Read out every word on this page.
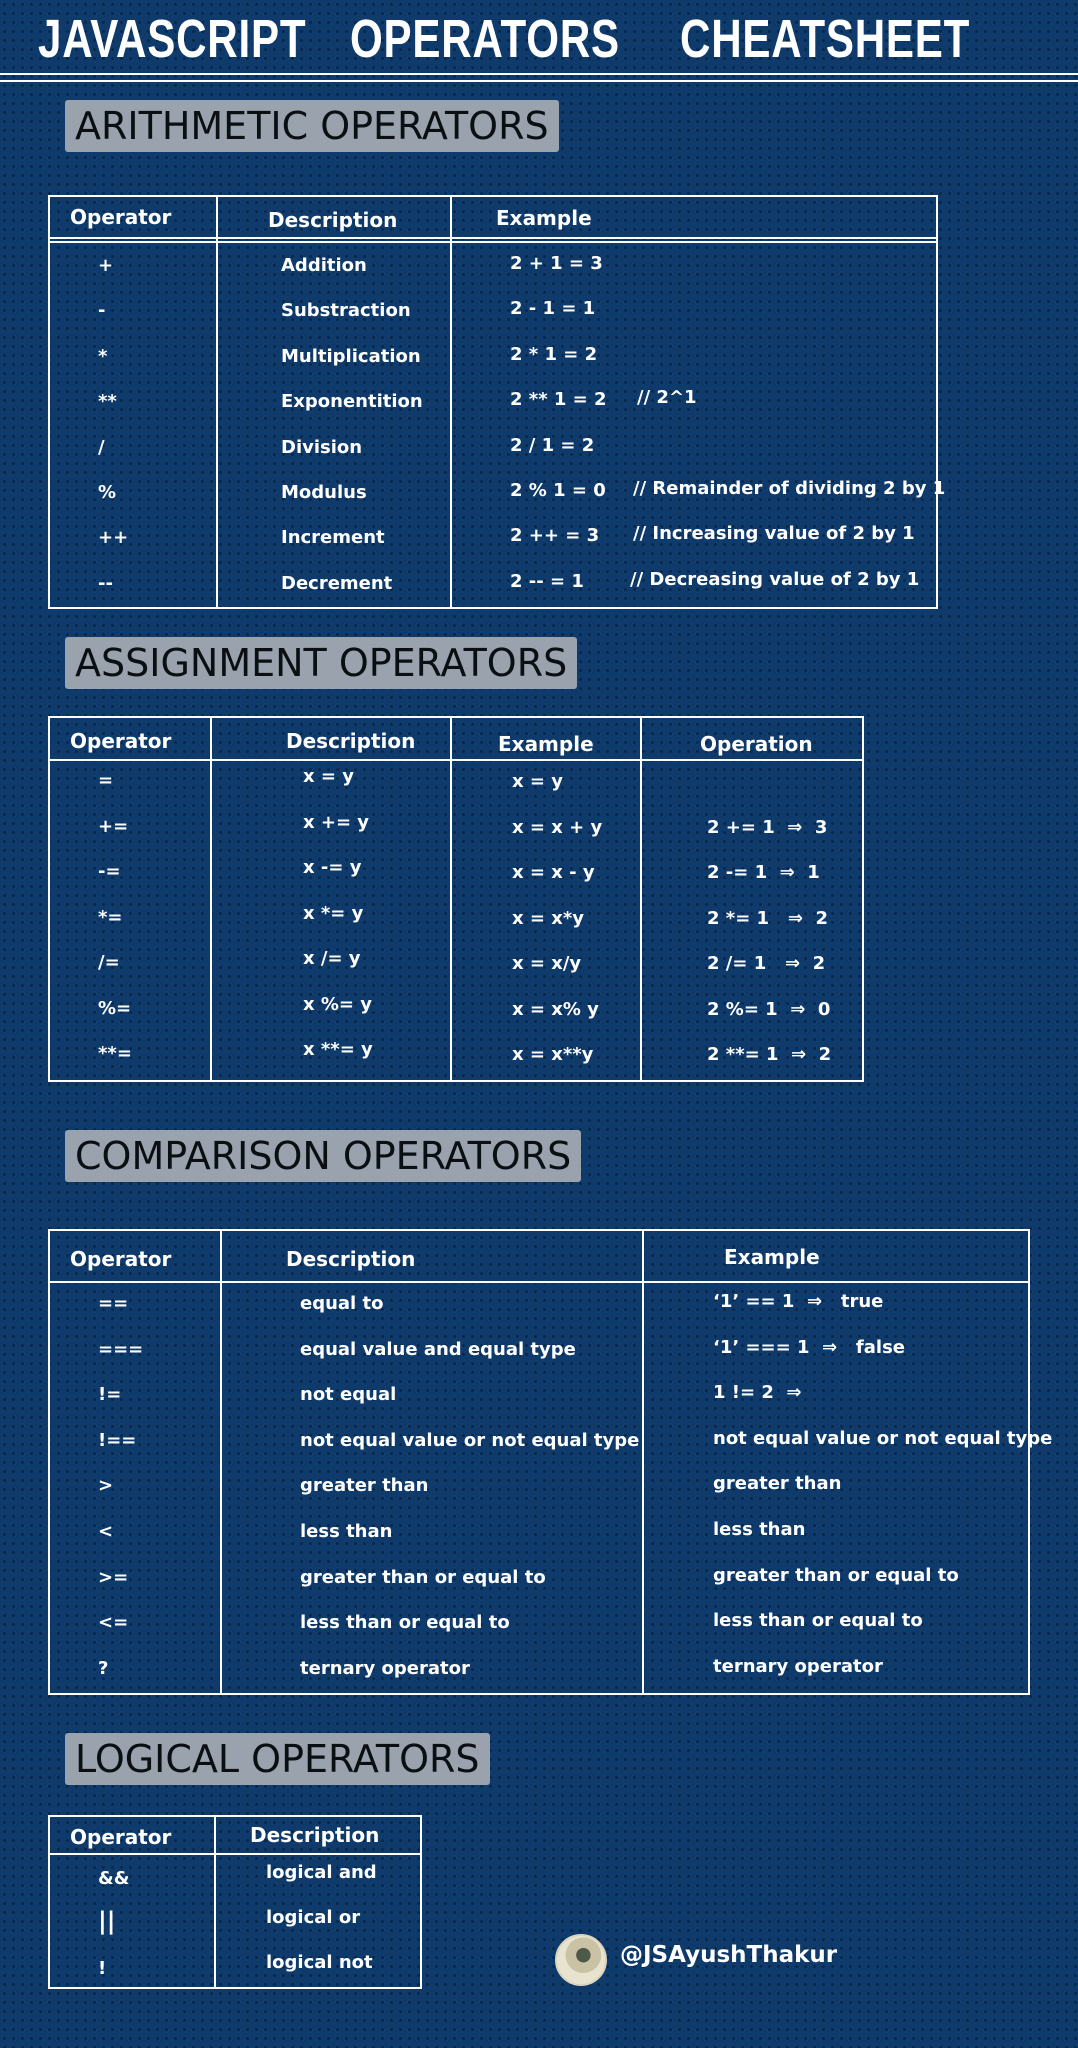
JAVASCRIPT OPERATORS CHEATSHEET
ARITHMETIC OPERATORS
Operator	Description	Example
+	Addition	2 + 1 = 3
-	Substraction	2 - 1 = 1
*	Multiplication	2 * 1 = 2
**	Exponentition	2 ** 1 = 2 // 2^1
/	Division	2 / 1 = 2
%	Modulus	2 % 1 = 0 // Remainder of dividing 2 by 1
++	Increment	2 ++ = 3 // Increasing value of 2 by 1
--	Decrement	2 -- = 1	// Decreasing value of 2 by 1
ASSIGNMENT OPERATORS
Operator	Description	Example	Operation
=	x = y	x = y
+=	x += y	x = x + y	2 += 1  ⇒  3
-=	x -= y	x = x - y	2 -= 1  ⇒  1
*=	x *= y	x = x*y	2 *= 1   ⇒  2
/=	x /= y	x = x/y	2 /= 1   ⇒  2
%=	x %= y	x = x% y	2 %= 1  ⇒  0
**=	x **= y	x = x**y	2 **= 1  ⇒  2
COMPARISON OPERATORS
Operator	Description	Example
==	equal to	‘1’ == 1  ⇒   true
===	equal value and equal type	‘1’ === 1  ⇒   false
!=	not equal	1 != 2  ⇒
!==	not equal value or not equal type	not equal value or not equal type
>	greater than	greater than
<	less than	less than
>=	greater than or equal to	greater than or equal to
<=	less than or equal to	less than or equal to
?	ternary operator	ternary operator
LOGICAL OPERATORS
Operator	Description
&&	logical and
||	logical or
!	logical not	@JSAyushThakur
